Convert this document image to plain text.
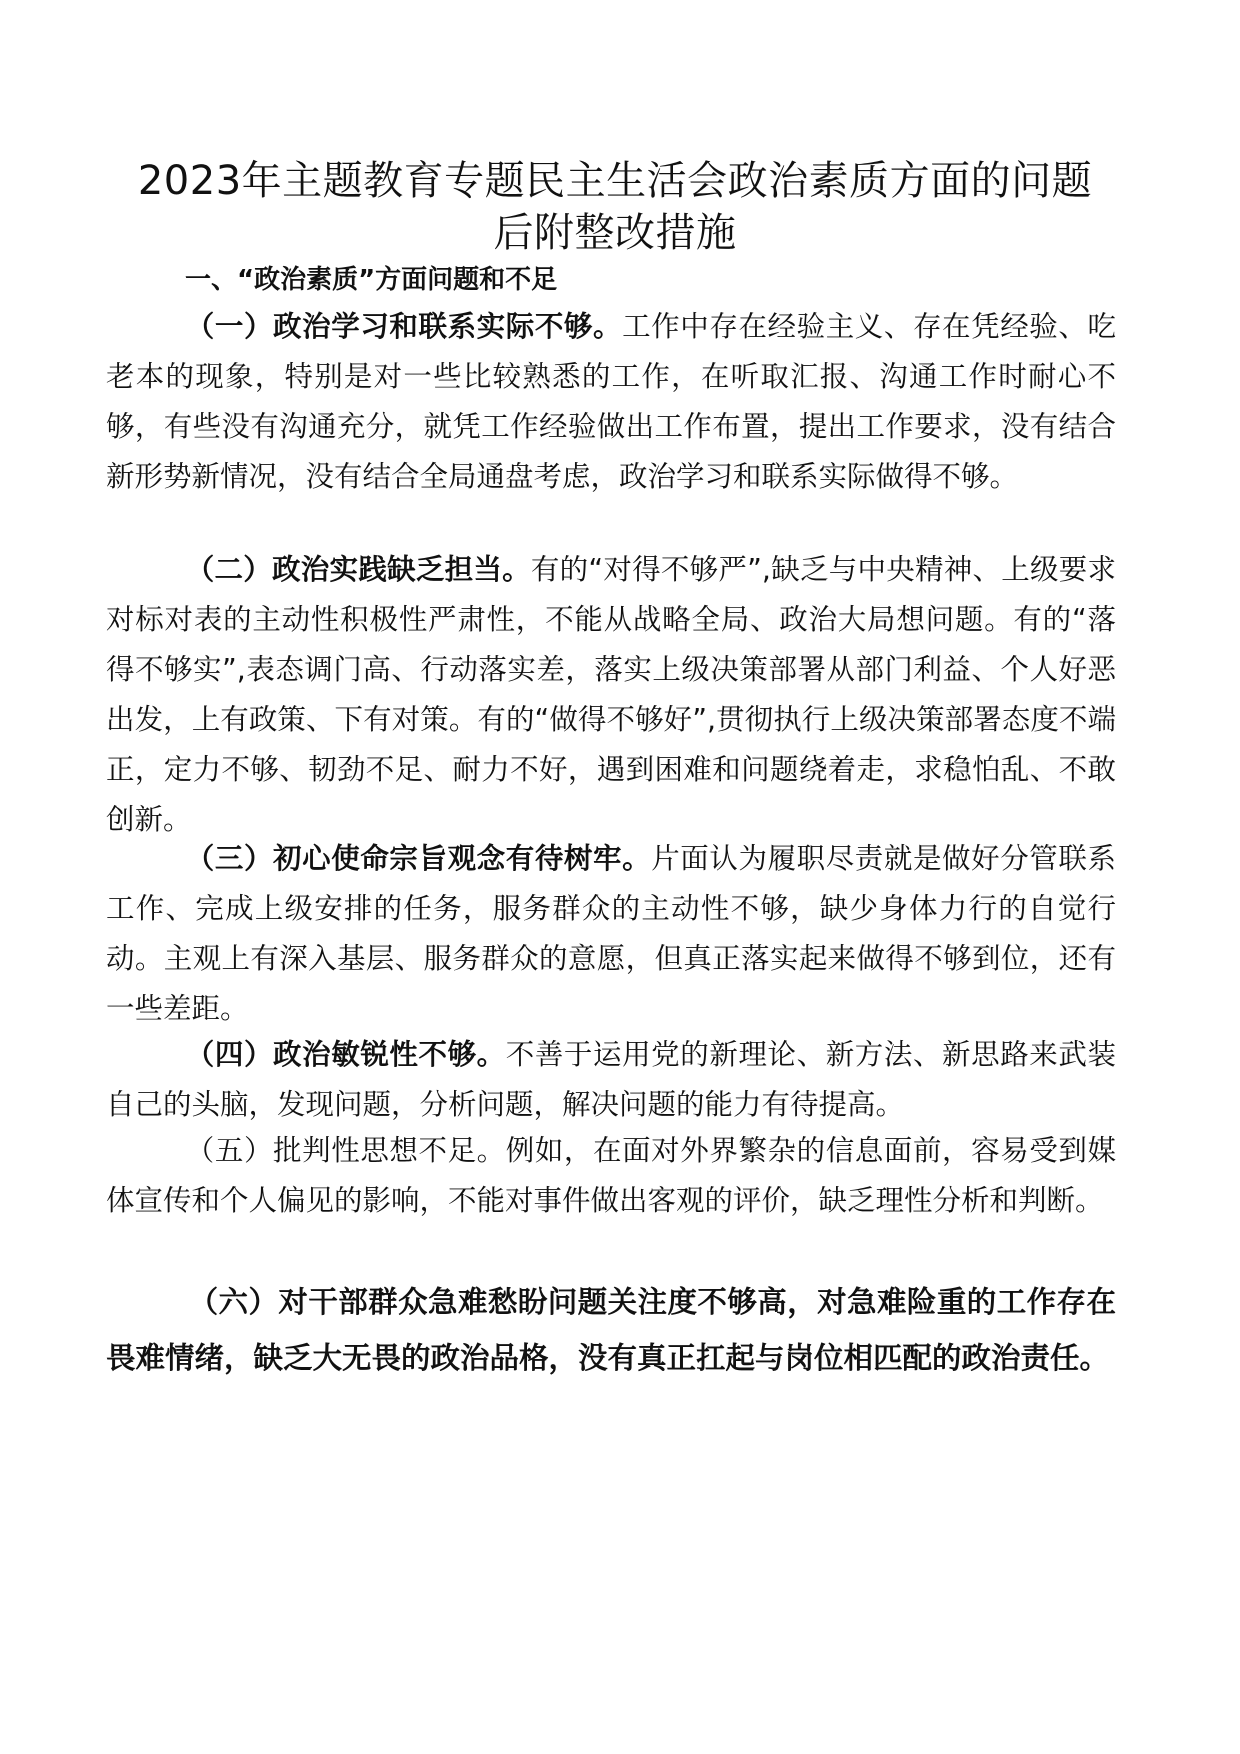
2023年主题教育专题民主生活会政治素质方面的问题
后附整改措施
一、“政治素质”方面问题和不足

（一）政治学习和联系实际不够。工作中存在经验主义、存在凭经验、吃老本的现象，特别是对一些比较熟悉的工作，在听取汇报、沟通工作时耐心不够，有些没有沟通充分，就凭工作经验做出工作布置，提出工作要求，没有结合新形势新情况，没有结合全局通盘考虑，政治学习和联系实际做得不够。

（二）政治实践缺乏担当。有的“对得不够严”,缺乏与中央精神、上级要求对标对表的主动性积极性严肃性，不能从战略全局、政治大局想问题。有的“落得不够实”,表态调门高、行动落实差，落实上级决策部署从部门利益、个人好恶出发，上有政策、下有对策。有的“做得不够好”,贯彻执行上级决策部署态度不端正，定力不够、韧劲不足、耐力不好，遇到困难和问题绕着走，求稳怕乱、不敢创新。

（三）初心使命宗旨观念有待树牢。片面认为履职尽责就是做好分管联系工作、完成上级安排的任务，服务群众的主动性不够，缺少身体力行的自觉行动。主观上有深入基层、服务群众的意愿，但真正落实起来做得不够到位，还有一些差距。

（四）政治敏锐性不够。不善于运用党的新理论、新方法、新思路来武装自己的头脑，发现问题，分析问题，解决问题的能力有待提高。

（五）批判性思想不足。例如，在面对外界繁杂的信息面前，容易受到媒体宣传和个人偏见的影响，不能对事件做出客观的评价，缺乏理性分析和判断。

（六）对干部群众急难愁盼问题关注度不够高，对急难险重的工作存在畏难情绪，缺乏大无畏的政治品格，没有真正扛起与岗位相匹配的政治责任。
